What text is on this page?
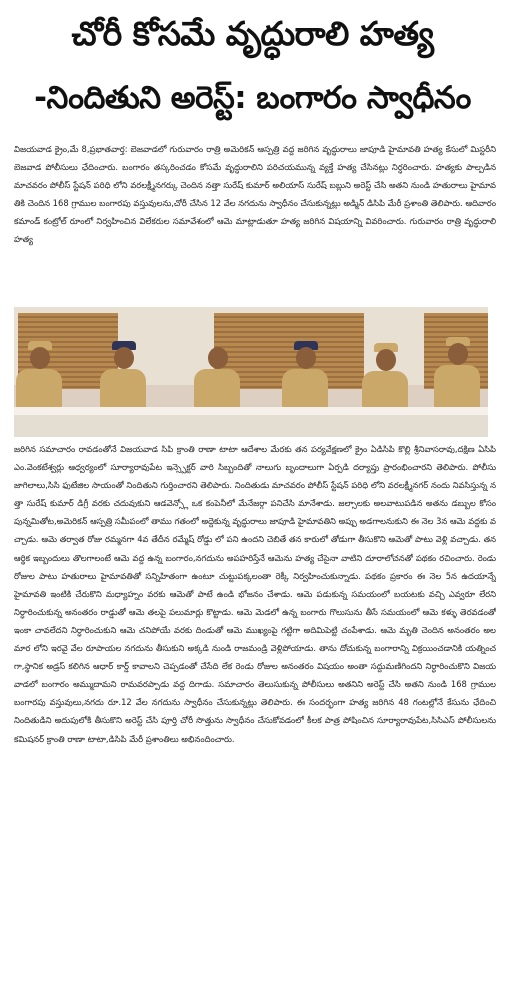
చోరీ కోసమే వృద్ధురాలి హత్య
-నిందితుని అరెస్ట్: బంగారం స్వాధీనం
విజయవాడ క్రైం,మే 8,ప్రభాతవార్త: బెజవాడలో గురువారం రాత్రి అమెరికన్ ఆస్పత్రి వద్ద జరిగిన వృద్ధురాలు జాపూడి హైమావతి హత్య కేసులో మిస్టరీని బెజవాడ పోలీసులు ఛేదించారు. బంగారం తస్కరించడం కోసమే వృద్ధురాలిని పరిచయమున్న వ్యక్తే హత్య చేసినట్లు నిర్ధరించారు. హత్యకు పాల్పడిన మాచవరం పోలీస్ స్టేషన్ పరిధి లోని వరలక్ష్మీనగర్కు చెందిన నత్తా సురేష్ కుమార్ అలియాస్ సురేష్ బబ్లుని అరెస్ట్ చేసి అతని నుండి హతురాలు హైమావతికి చెందిన 168 గ్రాముల బంగారపు వస్తువులను,చోరీ చేసిన 12 వేల నగదును స్వాధీనం చేసుకున్నట్లు అడ్మిన్ డిసిపి మేరీ ప్రశాంతి తెలిపారు. ఆదివారం కమాండ్ కంట్రోల్ రూంలో నిర్వహించిన విలేకరుల సమావేశంలో ఆమె మాట్లాడుతూ హత్య జరిగిన విషయాన్ని వివరించారు. గురువారం రాత్రి వృద్ధురాలి హత్య
జరిగిన సమాచారం రావడంతోనే విజయవాడ సిపి క్రాంతి రాణా టాటా ఆదేశాల మేరకు తన పర్యవేక్షణలో క్రైం ఏడిసిపి కొల్లి శ్రీనివాసరావు,దక్షిణ ఏసిపి ఎం.వెంకటేశ్వర్లు ఆధ్వర్యంలో సూర్యారావుపేట ఇన్స్పెక్టర్ వారి సిబ్బందితో నాలుగు బృందాలుగా ఏర్పడి దర్యాప్తు ప్రారంభించారని తెలిపారు. పోలీసు జాగిలాలు,సిసి ఫుటేజిల సాయంతో నిందితుని గుర్తించారని తెలిపారు. నిందితుడు మాచవరం పోలీస్ స్టేషన్ పరిధి లోని వరలక్ష్మీనగర్ నందు నివసిస్తున్న నత్తా సురేష్ కుమార్ డిగ్రీ వరకు చదువుకుని ఆడవెన్స్లో ఒక కంపెనీలో మేనేజర్గా పనిచేసి మానేశాడు. జల్సాలకు అలవాటుపడిన అతను డబ్బుల కోసం పున్నమితోట,అమెరికన్ ఆస్పత్రి సమీపంలో తాము గతంలో అద్దెకున్న వృద్ధురాలు జాపూడి హైమావతిని అప్పు అడగాలనుకుని ఈ నెల 3న ఆమె వద్దకు వచ్చాడు. ఆమె తర్వాత రోజు రమ్మనగా 4వ తేదీన రమ్మేష్ రోడ్డు లో పని ఉందని చెబితే తన కారులో తోడుగా తీసుకొని ఆమెతో పాటు వెళ్లి వచ్చాడు. తన ఆర్థిక ఇబ్బందులు తొలగాలంటే ఆమె వద్ద ఉన్న బంగారం,నగదును అపహరిస్తేనే ఆమెను హత్య చేసైనా వాటిని దూరాలోచనతో పథకం రచించారు. రెండు రోజుల పాటు హతురాలు హైమావతితో సన్నిహితంగా ఉంటూ చుట్టుపక్కలంతా రెక్కీ నిర్వహించుకున్నాడు. పథకం ప్రకారం ఈ నెల 5న ఉదయాన్నే హైమావతి ఇంటికి చేరుకొని మధ్యాహ్నం వరకు ఆమెతో పాటే ఉండి భోజనం చేశాడు. ఆమె పడుకున్న సమయంలో బయటకు వచ్చి ఎవ్వరూ లేరని నిర్ధారించుకున్న అనంతరం రాడ్డుతో ఆమె తలపై పలుమార్లు కొట్టాడు. ఆమె మెడలో ఉన్న బంగారు గొలుసును తీసే సమయంలో ఆమె కళ్ళు తెరవడంతో ఇంకా చావలేదని నిర్ధారించుకుని ఆమె చనిపోయే వరకు దిండుతో ఆమె ముఖ్యంపై గట్టిగా అదిమిపెట్టి చంపేశాడు. ఆమె మృతి చెందిన అనంతరం అలమార లోని ఇరవై వేల రూపాయల నగదును తీసుకుని అక్కడి నుండి రాజమండ్రి వెళ్లిపోయాడు. తాను దోచుకున్న బంగారాన్ని విక్రయించడానికి యత్నించగా,స్థానిక అడ్రస్ కలిగిన ఆధార్ కార్డ్ కావాలని చెప్పడంతో చేసేది లేక రెండు రోజుల అనంతరం విషయం అంతా సద్దుమణిగిందని నిర్ధారించుకొని విజయవాడలో బంగారం అమ్ముదామని రామవరప్పాడు వద్ద దిగాడు. సమాచారం తెలుసుకున్న పోలీసులు అతనిని అరెస్ట్ చేసి అతని నుండి 168 గ్రాముల బంగారపు వస్తువులు,నగదు రూ.12 వేల నగదును స్వాధీనం చేసుకున్నట్లు తెలిపారు. ఈ సందర్భంగా హత్య జరిగిన 48 గంటల్లోనే కేసును ఛేదించి నిందితుడిని అదుపులోకి తీసుకొని అరెస్ట్ చేసి పూర్తి చోరీ సొత్తును స్వాధీనం చేసుకోవడంలో కీలక పాత్ర పోషించిన సూర్యారావుపేట,సిసిఎస్ పోలీసులను కమిషనర్ క్రాంతి రాణా టాటా,డిసిపి మేరీ ప్రశాంతిలు అభినందించారు.
